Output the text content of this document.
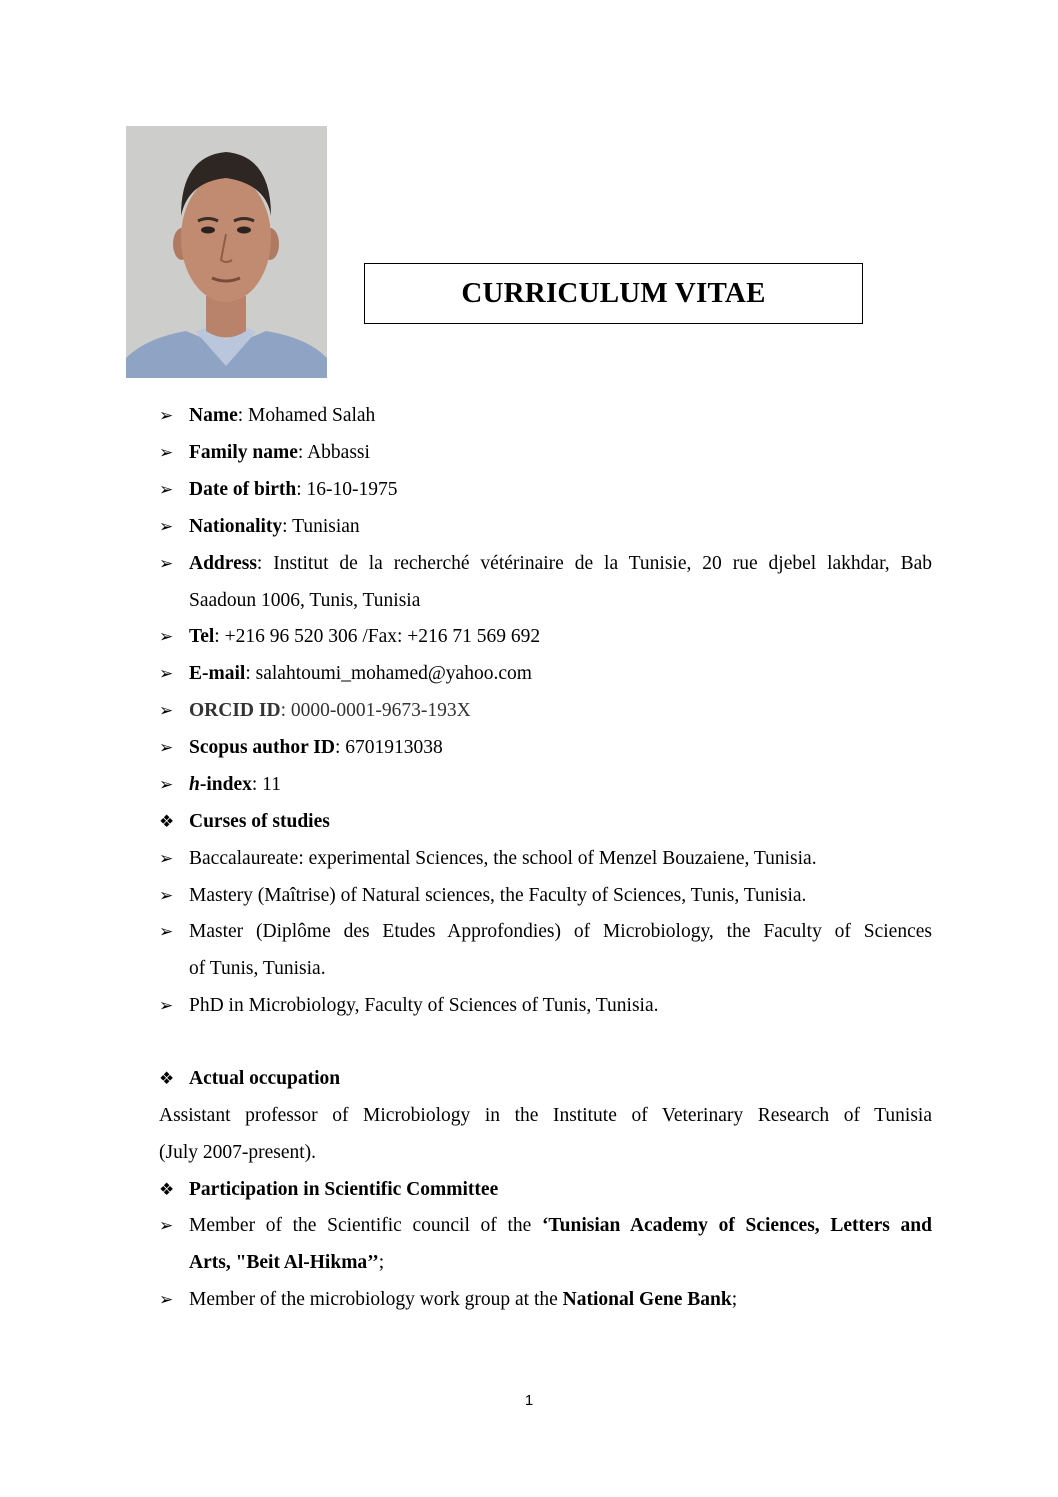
CURRICULUM VITAE
➢ Name: Mohamed Salah
➢ Family name: Abbassi
➢ Date of birth: 16-10-1975
➢ Nationality: Tunisian
➢ Address: Institut de la recherché vétérinaire de la Tunisie, 20 rue djebel lakhdar, Bab
Saadoun 1006, Tunis, Tunisia
➢ Tel: +216 96 520 306 /Fax: +216 71 569 692
➢ E-mail: salahtoumi_mohamed@yahoo.com
➢ ORCID ID: 0000-0001-9673-193X
➢ Scopus author ID: 6701913038
➢ h-index: 11
❖ Curses of studies
➢ Baccalaureate: experimental Sciences, the school of Menzel Bouzaiene, Tunisia.
➢ Mastery (Maîtrise) of Natural sciences, the Faculty of Sciences, Tunis, Tunisia.
➢ Master (Diplôme des Etudes Approfondies) of Microbiology, the Faculty of Sciences
of Tunis, Tunisia.
➢ PhD in Microbiology, Faculty of Sciences of Tunis, Tunisia.
❖ Actual occupation
Assistant professor of Microbiology in the Institute of Veterinary Research of Tunisia
(July 2007-present).
❖ Participation in Scientific Committee
➢ Member of the Scientific council of the ‘Tunisian Academy of Sciences, Letters and
Arts, "Beit Al-Hikma’’;
➢ Member of the microbiology work group at the National Gene Bank;
1
